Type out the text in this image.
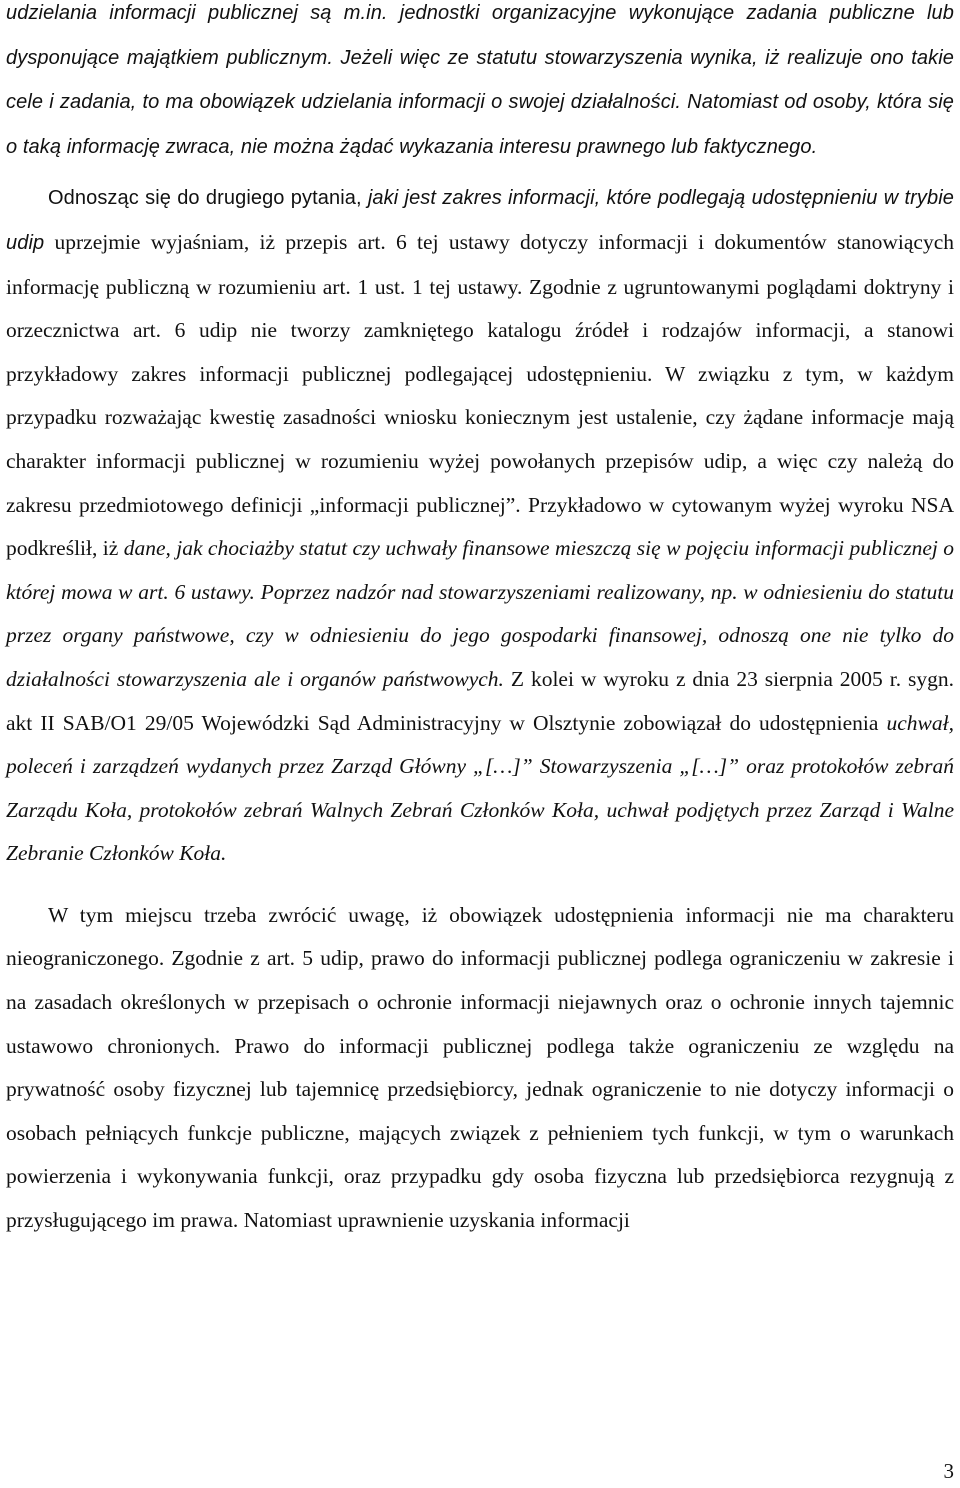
udzielania informacji publicznej są m.in. jednostki organizacyjne wykonujące zadania publiczne lub dysponujące majątkiem publicznym. Jeżeli więc ze statutu stowarzyszenia wynika, iż realizuje ono takie cele i zadania, to ma obowiązek udzielania informacji o swojej działalności. Natomiast od osoby, która się o taką informację zwraca, nie można żądać wykazania interesu prawnego lub faktycznego.

Odnosząc się do drugiego pytania, jaki jest zakres informacji, które podlegają udostępnieniu w trybie udip uprzejmie wyjaśniam, iż przepis art. 6 tej ustawy dotyczy informacji i dokumentów stanowiących informację publiczną w rozumieniu art. 1 ust. 1 tej ustawy. Zgodnie z ugruntowanymi poglądami doktryny i orzecznictwa art. 6 udip nie tworzy zamkniętego katalogu źródeł i rodzajów informacji, a stanowi przykładowy zakres informacji publicznej podlegającej udostępnieniu. W związku z tym, w każdym przypadku rozważając kwestię zasadności wniosku koniecznym jest ustalenie, czy żądane informacje mają charakter informacji publicznej w rozumieniu wyżej powołanych przepisów udip, a więc czy należą do zakresu przedmiotowego definicji „informacji publicznej”. Przykładowo w cytowanym wyżej wyroku NSA podkreślił, iż dane, jak chociażby statut czy uchwały finansowe mieszczą się w pojęciu informacji publicznej o której mowa w art. 6 ustawy. Poprzez nadzór nad stowarzyszeniami realizowany, np. w odniesieniu do statutu przez organy państwowe, czy w odniesieniu do jego gospodarki finansowej, odnoszą one nie tylko do działalności stowarzyszenia ale i organów państwowych. Z kolei w wyroku z dnia 23 sierpnia 2005 r. sygn. akt II SAB/O1 29/05 Wojewódzki Sąd Administracyjny w Olsztynie zobowiązał do udostępnienia uchwał, poleceń i zarządzeń wydanych przez Zarząd Główny „[…]” Stowarzyszenia „[…]” oraz protokołów zebrań Zarządu Koła, protokołów zebrań Walnych Zebrań Członków Koła, uchwał podjętych przez Zarząd i Walne Zebranie Członków Koła.

W tym miejscu trzeba zwrócić uwagę, iż obowiązek udostępnienia informacji nie ma charakteru nieograniczonego. Zgodnie z art. 5 udip, prawo do informacji publicznej podlega ograniczeniu w zakresie i na zasadach określonych w przepisach o ochronie informacji niejawnych oraz o ochronie innych tajemnic ustawowo chronionych. Prawo do informacji publicznej podlega także ograniczeniu ze względu na prywatność osoby fizycznej lub tajemnicę przedsiębiorcy, jednak ograniczenie to nie dotyczy informacji o osobach pełniących funkcje publiczne, mających związek z pełnieniem tych funkcji, w tym o warunkach powierzenia i wykonywania funkcji, oraz przypadku gdy osoba fizyczna lub przedsiębiorca rezygnują z przysługującego im prawa. Natomiast uprawnienie uzyskania informacji

3
